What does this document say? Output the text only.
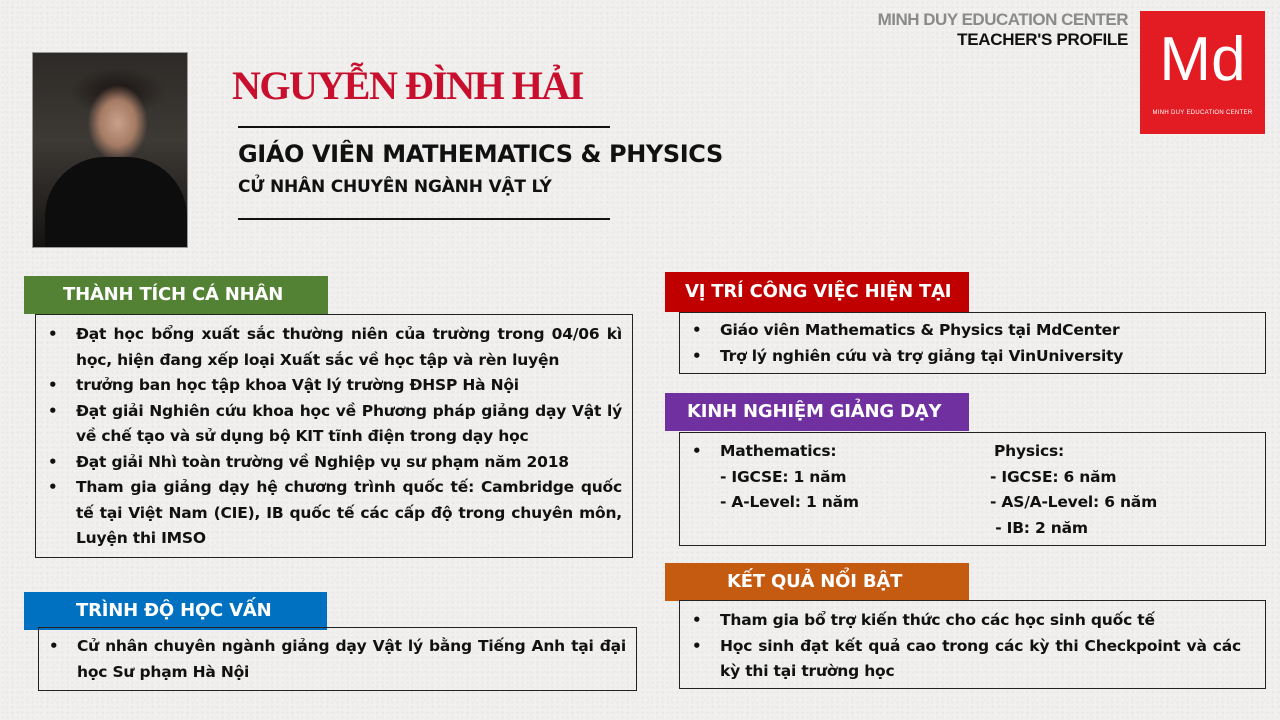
MINH DUY EDUCATION CENTER
TEACHER'S PROFILE Md
MINH DUY EDUCATION CENTER
NGUYỄN ĐÌNH HẢI
GIÁO VIÊN MATHEMATICS & PHYSICS
CỬ NHÂN CHUYÊN NGÀNH VẬT LÝ
THÀNH TÍCH CÁ NHÂN
• Đạt học bổng xuất sắc thường niên của trường trong 04/06 kì học, hiện đang xếp loại Xuất sắc về học tập và rèn luyện
• trưởng ban học tập khoa Vật lý trường ĐHSP Hà Nội
• Đạt giải Nghiên cứu khoa học về Phương pháp giảng dạy Vật lý về chế tạo và sử dụng bộ KIT tĩnh điện trong dạy học
• Đạt giải Nhì toàn trường về Nghiệp vụ sư phạm năm 2018
• Tham gia giảng dạy hệ chương trình quốc tế: Cambridge quốc tế tại Việt Nam (CIE), IB quốc tế các cấp độ trong chuyên môn, Luyện thi IMSO
TRÌNH ĐỘ HỌC VẤN
• Cử nhân chuyên ngành giảng dạy Vật lý bằng Tiếng Anh tại đại học Sư phạm Hà Nội
VỊ TRÍ CÔNG VIỆC HIỆN TẠI
• Giáo viên Mathematics & Physics tại MdCenter
• Trợ lý nghiên cứu và trợ giảng tại VinUniversity
KINH NGHIỆM GIẢNG DẠY
Mathematics:
- IGCSE: 1 năm
- A-Level: 1 năm
Physics:
- IGCSE: 6 năm
- AS/A-Level: 6 năm
- IB: 2 năm
KẾT QUẢ NỔI BẬT
• Tham gia bổ trợ kiến thức cho các học sinh quốc tế
• Học sinh đạt kết quả cao trong các kỳ thi Checkpoint và các kỳ thi tại trường học
